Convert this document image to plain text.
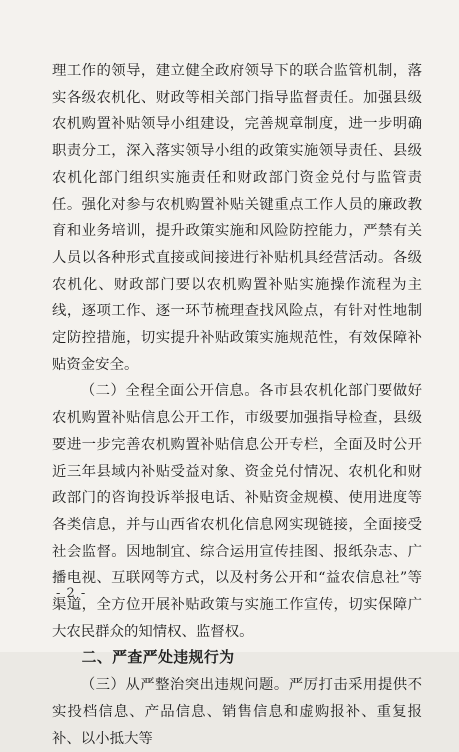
理工作的领导，建立健全政府领导下的联合监管机制，落实各级农机化、财政等相关部门指导监督责任。加强县级农机购置补贴领导小组建设，完善规章制度，进一步明确职责分工，深入落实领导小组的政策实施领导责任、县级农机化部门组织实施责任和财政部门资金兑付与监管责任。强化对参与农机购置补贴关键重点工作人员的廉政教育和业务培训，提升政策实施和风险防控能力，严禁有关人员以各种形式直接或间接进行补贴机具经营活动。各级农机化、财政部门要以农机购置补贴实施操作流程为主线，逐项工作、逐一环节梳理查找风险点，有针对性地制定防控措施，切实提升补贴政策实施规范性，有效保障补贴资金安全。

（二）全程全面公开信息。各市县农机化部门要做好农机购置补贴信息公开工作，市级要加强指导检查，县级要进一步完善农机购置补贴信息公开专栏，全面及时公开近三年县域内补贴受益对象、资金兑付情况、农机化和财政部门的咨询投诉举报电话、补贴资金规模、使用进度等各类信息，并与山西省农机化信息网实现链接，全面接受社会监督。因地制宜、综合运用宣传挂图、报纸杂志、广播电视、互联网等方式，以及村务公开和“益农信息社”等渠道，全方位开展补贴政策与实施工作宣传，切实保障广大农民群众的知情权、监督权。

二、严查严处违规行为

（三）从严整治突出违规问题。严厉打击采用提供不实投档信息、产品信息、销售信息和虚购报补、重复报补、以小抵大等

- 2 -
